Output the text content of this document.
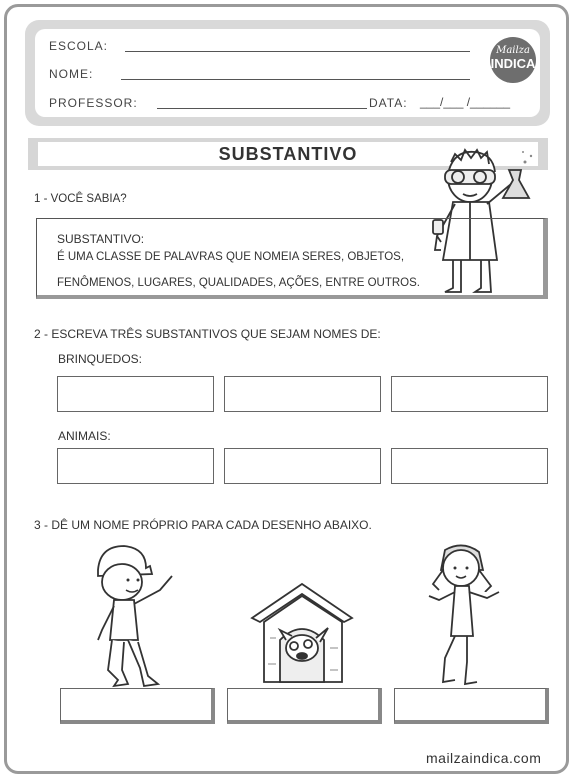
ESCOLA:
NOME:
PROFESSOR:	DATA: ___/___ /______
Mailza
INDICA
SUBSTANTIVO
1 - VOCÊ SABIA?
SUBSTANTIVO:
É UMA CLASSE DE PALAVRAS QUE NOMEIA SERES, OBJETOS,
FENÔMENOS, LUGARES, QUALIDADES, AÇÕES, ENTRE OUTROS.
2 - ESCREVA TRÊS SUBSTANTIVOS QUE SEJAM NOMES DE:
BRINQUEDOS:
ANIMAIS:
3 - DÊ UM NOME PRÓPRIO PARA CADA DESENHO ABAIXO.
mailzaindica.com
